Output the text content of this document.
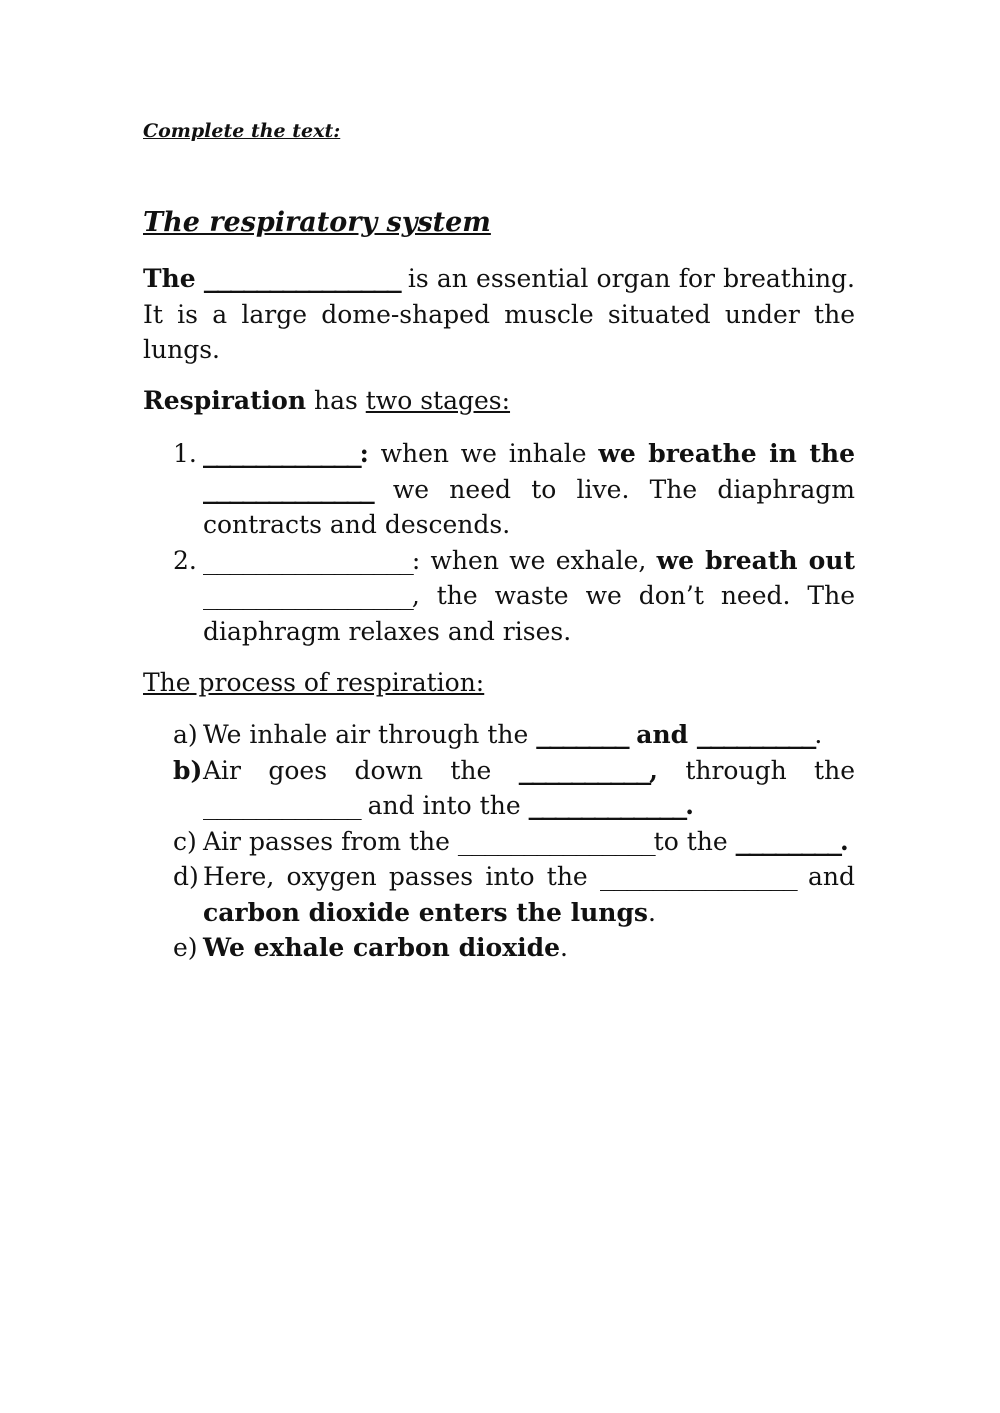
Complete the text:
The respiratory system

The _______________ is an essential organ for breathing. It is a large dome-shaped muscle situated under the lungs.

Respiration has two stages:

1. ____________: when we inhale we breathe in the _____________ we need to live. The diaphragm contracts and descends.
2. ________________: when we exhale, we breath out ________________, the waste we don’t need. The diaphragm relaxes and rises.

The process of respiration:

a) We inhale air through the _______ and _________.
b) Air goes down the __________, through the ____________ and into the ____________.
c) Air passes from the _______________to the ________.
d) Here, oxygen passes into the _______________ and carbon dioxide enters the lungs.
e) We exhale carbon dioxide.
